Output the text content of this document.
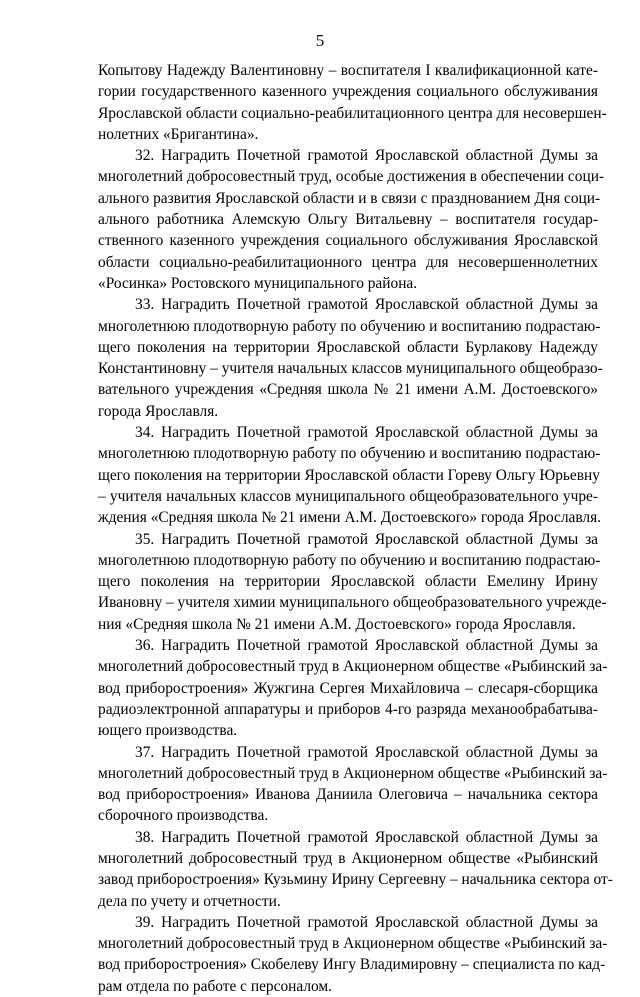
5
Копытову Надежду Валентиновну – воспитателя I квалификационной кате-
гории государственного казенного учреждения социального обслуживания
Ярославской области социально-реабилитационного центра для несовершен-
нолетних «Бригантина».
32. Наградить Почетной грамотой Ярославской областной Думы за
многолетний добросовестный труд, особые достижения в обеспечении соци-
ального развития Ярославской области и в связи с празднованием Дня соци-
ального работника Алемскую Ольгу Витальевну – воспитателя государ-
ственного казенного учреждения социального обслуживания Ярославской
области социально-реабилитационного центра для несовершеннолетних
«Росинка» Ростовского муниципального района.
33. Наградить Почетной грамотой Ярославской областной Думы за
многолетнюю плодотворную работу по обучению и воспитанию подрастаю-
щего поколения на территории Ярославской области Бурлакову Надежду
Константиновну – учителя начальных классов муниципального общеобразо-
вательного учреждения «Средняя школа № 21 имени А.М. Достоевского»
города Ярославля.
34. Наградить Почетной грамотой Ярославской областной Думы за
многолетнюю плодотворную работу по обучению и воспитанию подрастаю-
щего поколения на территории Ярославской области Гореву Ольгу Юрьевну
– учителя начальных классов муниципального общеобразовательного учре-
ждения «Средняя школа № 21 имени А.М. Достоевского» города Ярославля.
35. Наградить Почетной грамотой Ярославской областной Думы за
многолетнюю плодотворную работу по обучению и воспитанию подрастаю-
щего поколения на территории Ярославской области Емелину Ирину
Ивановну – учителя химии муниципального общеобразовательного учрежде-
ния «Средняя школа № 21 имени А.М. Достоевского» города Ярославля.
36. Наградить Почетной грамотой Ярославской областной Думы за
многолетний добросовестный труд в Акционерном обществе «Рыбинский за-
вод приборостроения» Жужгина Сергея Михайловича – слесаря-сборщика
радиоэлектронной аппаратуры и приборов 4-го разряда механообрабатыва-
ющего производства.
37. Наградить Почетной грамотой Ярославской областной Думы за
многолетний добросовестный труд в Акционерном обществе «Рыбинский за-
вод приборостроения» Иванова Даниила Олеговича – начальника сектора
сборочного производства.
38. Наградить Почетной грамотой Ярославской областной Думы за
многолетний добросовестный труд в Акционерном обществе «Рыбинский
завод приборостроения» Кузьмину Ирину Сергеевну – начальника сектора от-
дела по учету и отчетности.
39. Наградить Почетной грамотой Ярославской областной Думы за
многолетний добросовестный труд в Акционерном обществе «Рыбинский за-
вод приборостроения» Скобелеву Ингу Владимировну – специалиста по кад-
рам отдела по работе с персоналом.
